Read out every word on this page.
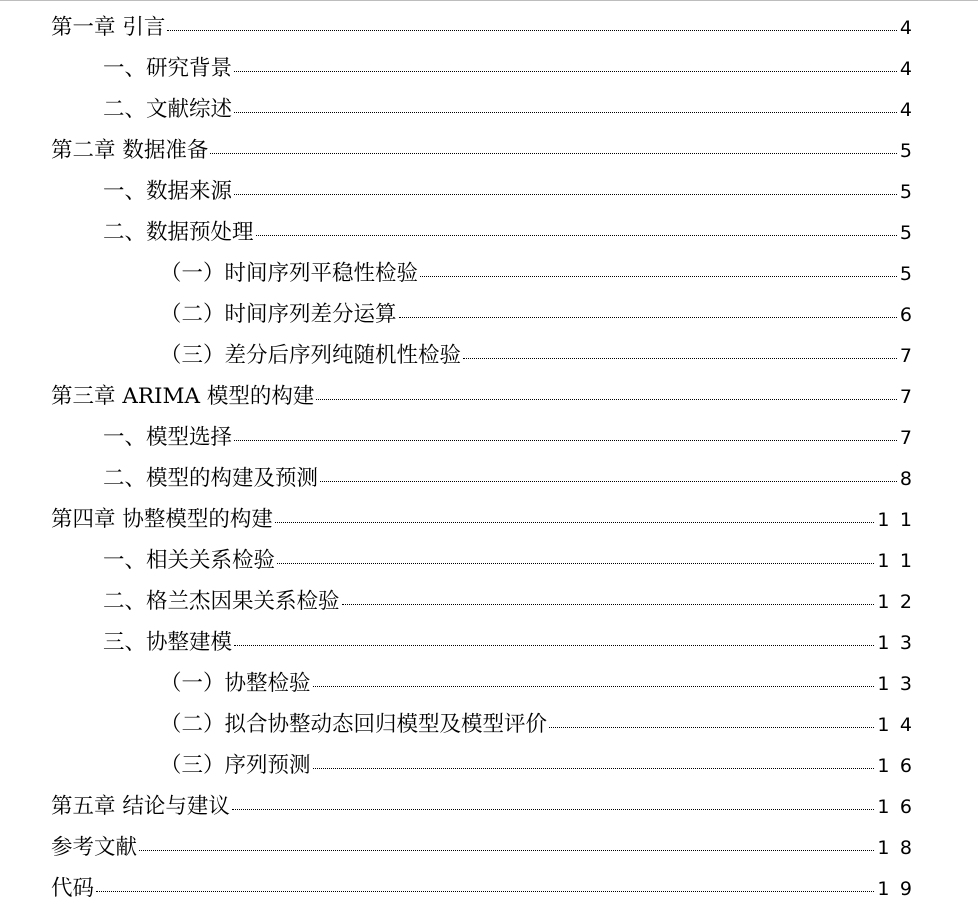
第一章 引言	4
一、研究背景	4
二、文献综述	4
第二章 数据准备	5
一、数据来源	5
二、数据预处理	5
（一）时间序列平稳性检验	5
（二）时间序列差分运算	6
（三）差分后序列纯随机性检验	7
第三章 ARIMA 模型的构建	7
一、模型选择	7
二、模型的构建及预测	8
第四章 协整模型的构建	11
一、相关关系检验	11
二、格兰杰因果关系检验	12
三、协整建模	13
（一）协整检验	13
（二）拟合协整动态回归模型及模型评价	14
（三）序列预测	16
第五章 结论与建议	16
参考文献	18
代码	19
